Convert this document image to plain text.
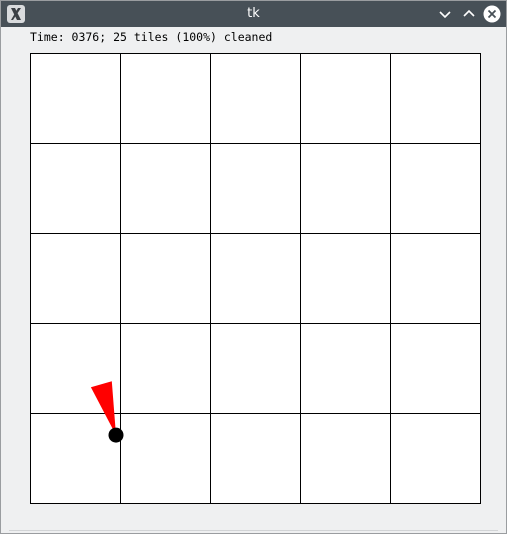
tk
Time: 0376; 25 tiles (100%) cleaned
